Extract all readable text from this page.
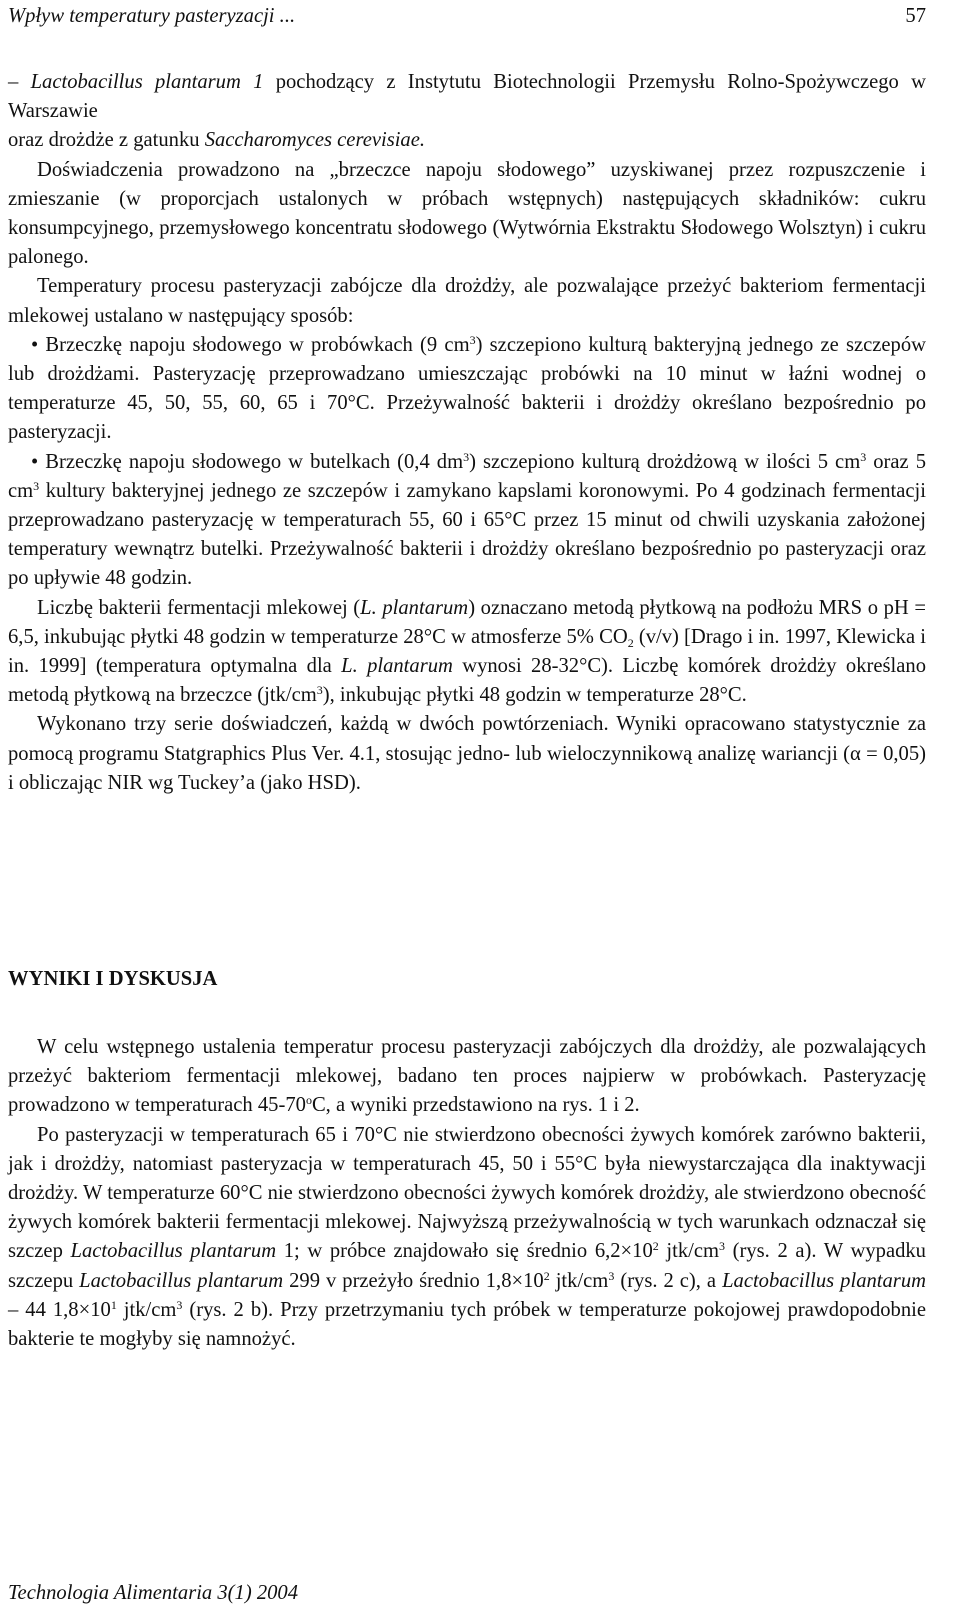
Wpływ temperatury pasteryzacji ...	57

– Lactobacillus plantarum 1 pochodzący z Instytutu Biotechnologii Przemysłu Rolno-Spożywczego w Warszawie

oraz drożdże z gatunku Saccharomyces cerevisiae.

Doświadczenia prowadzono na „brzeczce napoju słodowego” uzyskiwanej przez rozpuszczenie i zmieszanie (w proporcjach ustalonych w próbach wstępnych) następujących składników: cukru konsumpcyjnego, przemysłowego koncentratu słodowego (Wytwórnia Ekstraktu Słodowego Wolsztyn) i cukru palonego.

Temperatury procesu pasteryzacji zabójcze dla drożdży, ale pozwalające przeżyć bakteriom fermentacji mlekowej ustalano w następujący sposób:

• Brzeczkę napoju słodowego w probówkach (9 $cm^3$) szczepiono kulturą bakteryjną jednego ze szczepów lub drożdżami. Pasteryzację przeprowadzano umieszczając probówki na 10 minut w łaźni wodnej o temperaturze 45, 50, 55, 60, 65 i 70°C. Przeżywalność bakterii i drożdży określano bezpośrednio po pasteryzacji.

• Brzeczkę napoju słodowego w butelkach (0,4 $dm^3$) szczepiono kulturą drożdżową w ilości 5 $cm^3$ oraz 5 $cm^3$ kultury bakteryjnej jednego ze szczepów i zamykano kapslami koronowymi. Po 4 godzinach fermentacji przeprowadzano pasteryzację w temperaturach 55, 60 i 65°C przez 15 minut od chwili uzyskania założonej temperatury wewnątrz butelki. Przeżywalność bakterii i drożdży określano bezpośrednio po pasteryzacji oraz po upływie 48 godzin.

Liczbę bakterii fermentacji mlekowej (L. plantarum) oznaczano metodą płytkową na podłożu MRS o pH = 6,5, inkubując płytki 48 godzin w temperaturze 28°C w atmosferze 5% $CO_2$ (v/v) [Drago i in. 1997, Klewicka i in. 1999] (temperatura optymalna dla L. plantarum wynosi 28-32°C). Liczbę komórek drożdży określano metodą płytkową na brzeczce $(jtk/cm^3)$, inkubując płytki 48 godzin w temperaturze 28°C.

Wykonano trzy serie doświadczeń, każdą w dwóch powtórzeniach. Wyniki opracowano statystycznie za pomocą programu Statgraphics Plus Ver. 4.1, stosując jedno- lub wieloczynnikową analizę wariancji (α = 0,05) i obliczając NIR wg Tuckey’a (jako HSD).

WYNIKI I DYSKUSJA

W celu wstępnego ustalenia temperatur procesu pasteryzacji zabójczych dla drożdży, ale pozwalających przeżyć bakteriom fermentacji mlekowej, badano ten proces najpierw w probówkach. Pasteryzację prowadzono w temperaturach 45-70$^o$C, a wyniki przedstawiono na rys. 1 i 2.

Po pasteryzacji w temperaturach 65 i 70°C nie stwierdzono obecności żywych komórek zarówno bakterii, jak i drożdży, natomiast pasteryzacja w temperaturach 45, 50 i 55°C była niewystarczająca dla inaktywacji drożdży. W temperaturze 60°C nie stwierdzono obecności żywych komórek drożdży, ale stwierdzono obecność żywych komórek bakterii fermentacji mlekowej. Najwyższą przeżywalnością w tych warunkach odznaczał się szczep Lactobacillus plantarum 1; w próbce znajdowało się średnio $6,2\times 10^2$ jtk/$cm^3$ (rys. 2 a). W wypadku szczepu Lactobacillus plantarum 299 v przeżyło średnio $1,8\times 10^2$ jtk/$cm^3$ (rys. 2 c), a Lactobacillus plantarum – 44 $1,8\times 10^1$ jtk/$cm^3$ (rys. 2 b). Przy przetrzymaniu tych próbek w temperaturze pokojowej prawdopodobnie bakterie te mogłyby się namnożyć.

Technologia Alimentaria 3(1) 2004
